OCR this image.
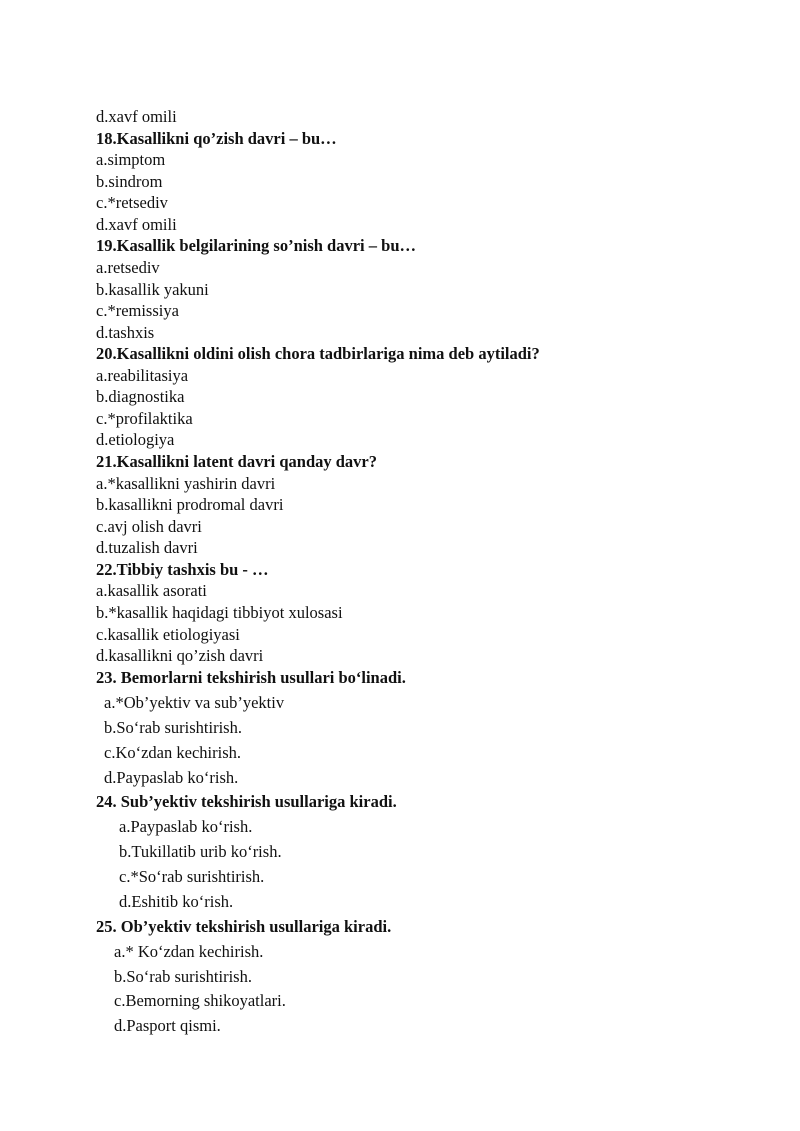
d.xavf omili
18.Kasallikni qo’zish davri – bu…
a.simptom
b.sindrom
c.*retsediv
d.xavf omili
19.Kasallik belgilarining so’nish davri – bu…
a.retsediv
b.kasallik yakuni
c.*remissiya
d.tashxis
20.Kasallikni oldini olish chora tadbirlariga nima deb aytiladi?
a.reabilitasiya
b.diagnostika
c.*profilaktika
d.etiologiya
21.Kasallikni latent davri qanday davr?
a.*kasallikni yashirin davri
b.kasallikni prodromal davri
c.avj olish davri
d.tuzalish davri
22.Tibbiy tashxis bu - …
a.kasallik asorati
b.*kasallik haqidagi tibbiyot xulosasi
c.kasallik etiologiyasi
d.kasallikni qo’zish davri
23. Bemorlarni tekshirish usullari bo‘linadi.
a.*Ob’yektiv va sub’yektiv
b.So‘rab surishtirish.
c.Ko‘zdan kechirish.
d.Paypaslab ko‘rish.
24. Sub’yektiv tekshirish usullariga kiradi.
a.Paypaslab ko‘rish.
b.Tukillatib urib ko‘rish.
c.*So‘rab surishtirish.
d.Eshitib ko‘rish.
25. Ob’yektiv tekshirish usullariga kiradi.
a.* Ko‘zdan kechirish.
b.So‘rab surishtirish.
c.Bemorning shikoyatlari.
d.Pasport qismi.
